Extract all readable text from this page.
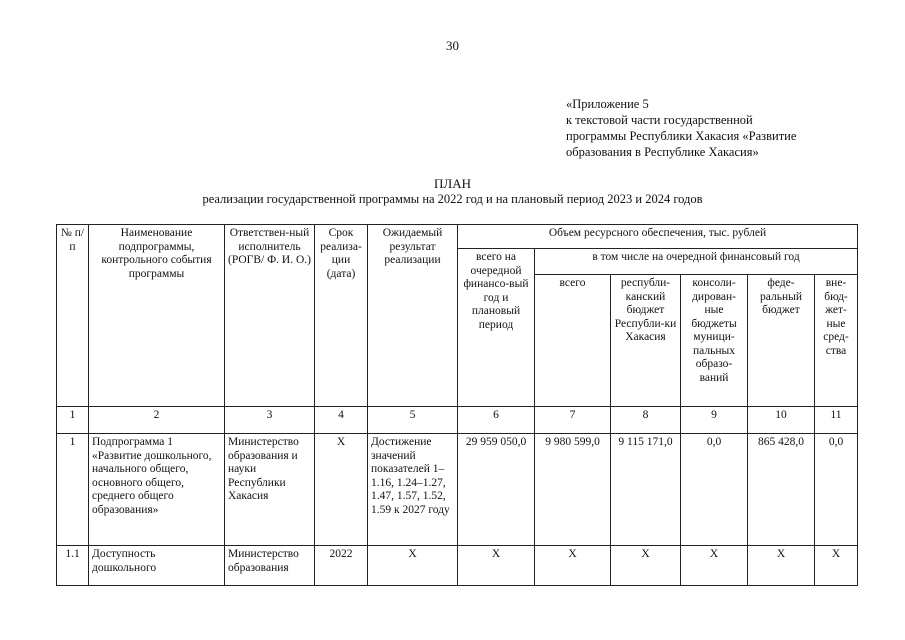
30
«Приложение 5
к текстовой части государственной
программы Республики Хакасия «Развитие
образования в Республике Хакасия»
ПЛАН
реализации государственной программы на 2022 год и на плановый период 2023 и 2024 годов
№ п/п	Наименование подпрограммы, контрольного события программы	Ответствен-ный исполнитель (РОГВ/ Ф. И. О.)	Срок реализа-ции (дата)	Ожидаемый результат реализации	Объем ресурсного обеспечения, тыс. рублей					
					всего на очередной финансо-вый год и плановый период	в том числе на очередной финансовый год				
						всего	республи-канский бюджет Республи-ки Хакасия	консоли-дирован-ные бюджеты муници-пальных образо-ваний	феде-ральный бюджет	вне-бюд-жет-ные сред-ства
1	2	3	4	5	6	7	8	9	10	11
1	Подпрограмма 1 «Развитие дошкольного, начального общего, основного общего, среднего общего образования»	Министерство образования и науки Республики Хакасия	Х	Достижение значений показателей 1–1.16, 1.24–1.27, 1.47, 1.57, 1.52, 1.59 к 2027 году	29 959 050,0	9 980 599,0	9 115 171,0	0,0	865 428,0	0,0
1.1	Доступность дошкольного	Министерство образования	2022	Х	Х	Х	Х	Х	Х	Х
